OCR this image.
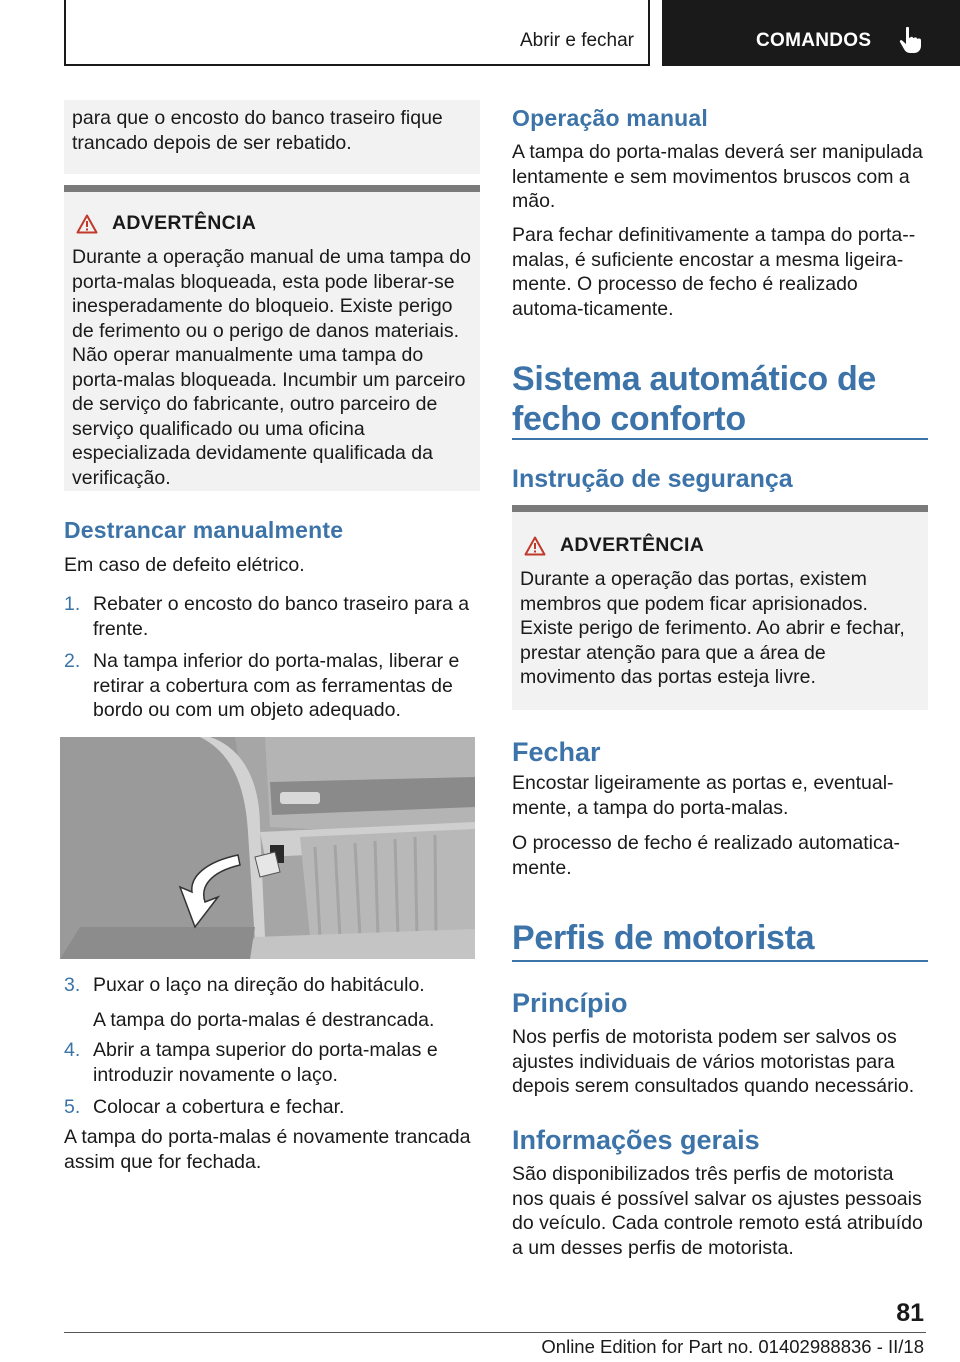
Abrir e fechar	COMANDOS

para que o encosto do banco traseiro fique trancado depois de ser rebatido.

ADVERTÊNCIA

Durante a operação manual de uma tampa do porta-malas bloqueada, esta pode liberar-se inesperadamente do bloqueio. Existe perigo de ferimento ou o perigo de danos materiais. Não operar manualmente uma tampa do porta-malas bloqueada. Incumbir um parceiro de serviço do fabricante, outro parceiro de serviço qualificado ou uma oficina especializada devidamente qualificada da verificação.

Destrancar manualmente

Em caso de defeito elétrico.

1. Rebater o encosto do banco traseiro para a frente.
2. Na tampa inferior do porta-malas, liberar e retirar a cobertura com as ferramentas de bordo ou com um objeto adequado.
3. Puxar o laço na direção do habitáculo.
A tampa do porta-malas é destrancada.
4. Abrir a tampa superior do porta-malas e introduzir novamente o laço.
5. Colocar a cobertura e fechar.

A tampa do porta-malas é novamente trancada assim que for fechada.

Operação manual

A tampa do porta-malas deverá ser manipulada lentamente e sem movimentos bruscos com a mão.

Para fechar definitivamente a tampa do porta--malas, é suficiente encostar a mesma ligeira-mente. O processo de fecho é realizado automa-ticamente.

Sistema automático de fecho conforto
Instrução de segurança
ADVERTÊNCIA

Durante a operação das portas, existem membros que podem ficar aprisionados. Existe perigo de ferimento. Ao abrir e fechar, prestar atenção para que a área de movimento das portas esteja livre.

Fechar

Encostar ligeiramente as portas e, eventual-mente, a tampa do porta-malas.

O processo de fecho é realizado automatica-mente.

Perfis de motorista
Princípio

Nos perfis de motorista podem ser salvos os ajustes individuais de vários motoristas para depois serem consultados quando necessário.

Informações gerais

São disponibilizados três perfis de motorista nos quais é possível salvar os ajustes pessoais do veículo. Cada controle remoto está atribuído a um desses perfis de motorista.

81
Online Edition for Part no. 01402988836 - II/18
